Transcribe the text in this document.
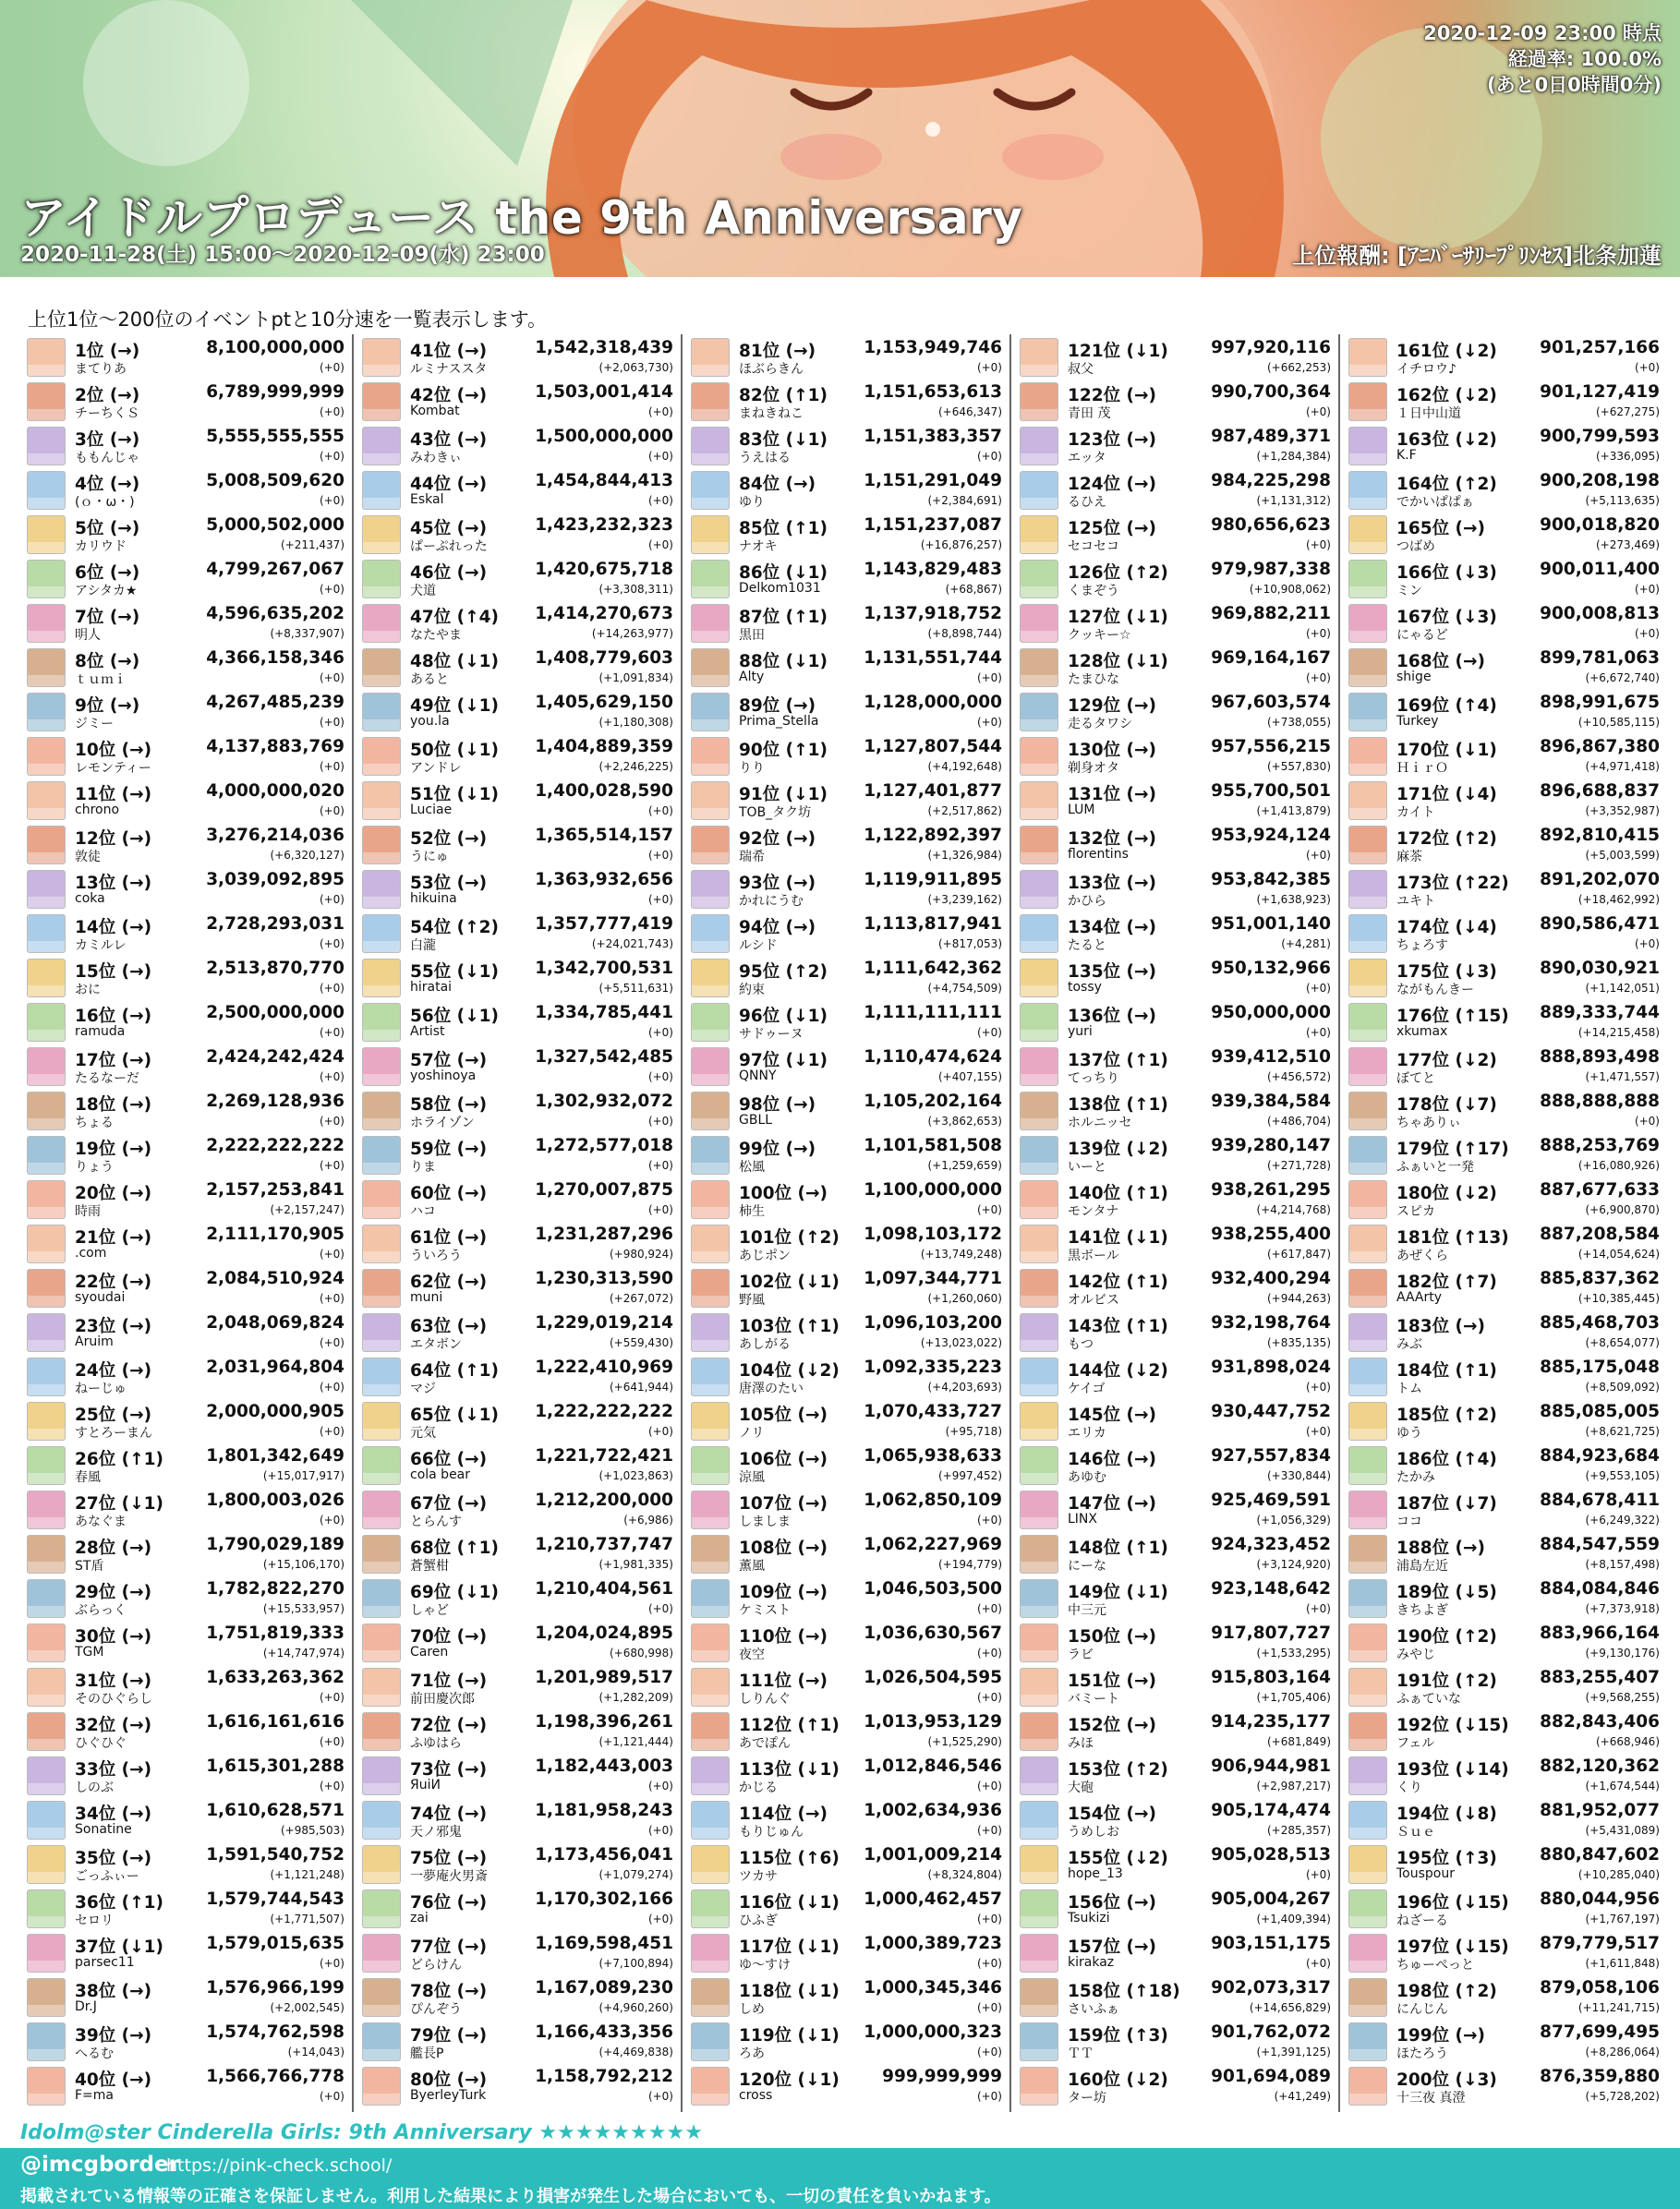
2020-12-09 23:00 時点
経過率: 100.0%
(あと0日0時間0分)
アイドルプロデュース the 9th Anniversary
2020-11-28(土) 15:00～2020-12-09(水) 23:00	上位報酬: [ｱﾆﾊﾞｰｻﾘｰﾌﾟﾘﾝｾｽ]北条加蓮
上位1位～200位のイベントptと10分速を一覧表示します。
1位 (→)	8,100,000,000
まてりあ	(+0)
2位 (→)	6,789,999,999
チーちくＳ	(+0)
3位 (→)	5,555,555,555
ももんじゃ	(+0)
4位 (→)	5,008,509,620
(ｏ・ω・)	(+0)
5位 (→)	5,000,502,000
カリウド	(+211,437)
6位 (→)	4,799,267,067
アシタカ★	(+0)
7位 (→)	4,596,635,202
明人	(+8,337,907)
8位 (→)	4,366,158,346
ｔｕｍｉ	(+0)
9位 (→)	4,267,485,239
ジミー	(+0)
10位 (→)	4,137,883,769
レモンティー	(+0)
11位 (→)	4,000,000,020
chrono	(+0)
12位 (→)	3,276,214,036
敦徒	(+6,320,127)
13位 (→)	3,039,092,895
coka	(+0)
14位 (→)	2,728,293,031
カミルレ	(+0)
15位 (→)	2,513,870,770
おに	(+0)
16位 (→)	2,500,000,000
ramuda	(+0)
17位 (→)	2,424,242,424
たるなーだ	(+0)
18位 (→)	2,269,128,936
ちょる	(+0)
19位 (→)	2,222,222,222
りょう	(+0)
20位 (→)	2,157,253,841
時雨	(+2,157,247)
21位 (→)	2,111,170,905
.com	(+0)
22位 (→)	2,084,510,924
syoudai	(+0)
23位 (→)	2,048,069,824
Aruim	(+0)
24位 (→)	2,031,964,804
ねーじゅ	(+0)
25位 (→)	2,000,000,905
すとろーまん	(+0)
26位 (↑1) 1,801,342,649
春風	(+15,017,917)
27位 (↓1) 1,800,003,026
あなぐま	(+0)
28位 (→)	1,790,029,189
ST盾	(+15,106,170)
29位 (→)	1,782,822,270
ぶらっく	(+15,533,957)
30位 (→)	1,751,819,333
TGM	(+14,747,974)
31位 (→)	1,633,263,362
そのひぐらし	(+0)
32位 (→)	1,616,161,616
ひぐひぐ	(+0)
33位 (→)	1,615,301,288
しのぶ	(+0)
34位 (→)	1,610,628,571
Sonatine	(+985,503)
35位 (→)	1,591,540,752
ごっふぃー	(+1,121,248)
36位 (↑1) 1,579,744,543
セロリ	(+1,771,507)
37位 (↓1) 1,579,015,635
parsec11	(+0)
38位 (→)	1,576,966,199
Dr.J	(+2,002,545)
39位 (→)	1,574,762,598
へるむ	(+14,043)
40位 (→)	1,566,766,778
F=ma	(+0)
41位 (→)	1,542,318,439
ルミナススタ	(+2,063,730)
42位 (→)	1,503,001,414
Kombat	(+0)
43位 (→)	1,500,000,000
みわきぃ	(+0)
44位 (→)	1,454,844,413
Eskal	(+0)
45位 (→)	1,423,232,323
ぱーぷれった	(+0)
46位 (→)	1,420,675,718
犬道	(+3,308,311)
47位 (↑4) 1,414,270,673
なたやま	(+14,263,977)
48位 (↓1) 1,408,779,603
あると	(+1,091,834)
49位 (↓1) 1,405,629,150
you.la	(+1,180,308)
50位 (↓1) 1,404,889,359
アンドレ	(+2,246,225)
51位 (↓1) 1,400,028,590
Luciae	(+0)
52位 (→)	1,365,514,157
うにゅ	(+0)
53位 (→)	1,363,932,656
hikuina	(+0)
54位 (↑2) 1,357,777,419
白瀧	(+24,021,743)
55位 (↓1) 1,342,700,531
hiratai	(+5,511,631)
56位 (↓1) 1,334,785,441
Artist	(+0)
57位 (→)	1,327,542,485
yoshinoya	(+0)
58位 (→)	1,302,932,072
ホライゾン	(+0)
59位 (→)	1,272,577,018
りま	(+0)
60位 (→)	1,270,007,875
ハコ	(+0)
61位 (→)	1,231,287,296
ういろう	(+980,924)
62位 (→)	1,230,313,590
muni	(+267,072)
63位 (→)	1,229,019,214
エタボン	(+559,430)
64位 (↑1) 1,222,410,969
マジ	(+641,944)
65位 (↓1) 1,222,222,222
元気	(+0)
66位 (→)	1,221,722,421
cola bear	(+1,023,863)
67位 (→)	1,212,200,000
とらんす	(+6,986)
68位 (↑1) 1,210,737,747
蒼蟹柑	(+1,981,335)
69位 (↓1) 1,210,404,561
しゃど	(+0)
70位 (→)	1,204,024,895
Caren	(+680,998)
71位 (→)	1,201,989,517
前田慶次郎	(+1,282,209)
72位 (→)	1,198,396,261
ふゆはら	(+1,121,444)
73位 (→)	1,182,443,003
ЯuiИ	(+0)
74位 (→)	1,181,958,243
天ノ邪鬼	(+0)
75位 (→)	1,173,456,041
一夢庵火男斎	(+1,079,274)
76位 (→)	1,170,302,166
zai	(+0)
77位 (→)	1,169,598,451
どらけん	(+7,100,894)
78位 (→)	1,167,089,230
ぴんぞう	(+4,960,260)
79位 (→)	1,166,433,356
艦長P	(+4,469,838)
80位 (→)	1,158,792,212
ByerleyTurk	(+0)
81位 (→)	1,153,949,746
ほぶらきん	(+0)
82位 (↑1) 1,151,653,613
まねきねこ	(+646,347)
83位 (↓1) 1,151,383,357
うえはる	(+0)
84位 (→)	1,151,291,049
ゆり	(+2,384,691)
85位 (↑1) 1,151,237,087
ナオキ	(+16,876,257)
86位 (↓1) 1,143,829,483
Delkom1031	(+68,867)
87位 (↑1) 1,137,918,752
黒田	(+8,898,744)
88位 (↓1) 1,131,551,744
Alty	(+0)
89位 (→)	1,128,000,000
Prima_Stella	(+0)
90位 (↑1) 1,127,807,544
りり	(+4,192,648)
91位 (↓1) 1,127,401,877
TOB_タク坊	(+2,517,862)
92位 (→)	1,122,892,397
瑞希	(+1,326,984)
93位 (→)	1,119,911,895
かれにうむ	(+3,239,162)
94位 (→)	1,113,817,941
ルシド	(+817,053)
95位 (↑2) 1,111,642,362
約束	(+4,754,509)
96位 (↓1) 1,111,111,111
サドゥーヌ	(+0)
97位 (↓1) 1,110,474,624
QNNY	(+407,155)
98位 (→)	1,105,202,164
GBLL	(+3,862,653)
99位 (→)	1,101,581,508
松風	(+1,259,659)
100位 (→) 1,100,000,000
柿生	(+0)
101位 (↑2) 1,098,103,172
あじポン	(+13,749,248)
102位 (↓1) 1,097,344,771
野風	(+1,260,060)
103位 (↑1) 1,096,103,200
あしがる	(+13,023,022)
104位 (↓2) 1,092,335,223
唐澤のたい	(+4,203,693)
105位 (→) 1,070,433,727
ノリ	(+95,718)
106位 (→) 1,065,938,633
涼風	(+997,452)
107位 (→) 1,062,850,109
しましま	(+0)
108位 (→) 1,062,227,969
薫風	(+194,779)
109位 (→) 1,046,503,500
ケミスト	(+0)
110位 (→) 1,036,630,567
夜空	(+0)
111位 (→) 1,026,504,595
しりんぐ	(+0)
112位 (↑1) 1,013,953,129
あでぽん	(+1,525,290)
113位 (↓1) 1,012,846,546
かじる	(+0)
114位 (→) 1,002,634,936
もりじゅん	(+0)
115位 (↑6) 1,001,009,214
ツカサ	(+8,324,804)
116位 (↓1) 1,000,462,457
ひふぎ	(+0)
117位 (↓1) 1,000,389,723
ゆ～すけ	(+0)
118位 (↓1) 1,000,345,346
しめ	(+0)
119位 (↓1) 1,000,000,323
ろあ	(+0)
120位 (↓1) 999,999,999
cross	(+0)
121位 (↓1) 997,920,116
叔父	(+662,253)
122位 (→)	990,700,364
青田 茂	(+0)
123位 (→)	987,489,371
エッタ	(+1,284,384)
124位 (→)	984,225,298
るひえ	(+1,131,312)
125位 (→)	980,656,623
セコセコ	(+0)
126位 (↑2) 979,987,338
くまぞう	(+10,908,062)
127位 (↓1) 969,882,211
クッキー☆	(+0)
128位 (↓1) 969,164,167
たまひな	(+0)
129位 (→)	967,603,574
走るタワシ	(+738,055)
130位 (→)	957,556,215
剃身オタ	(+557,830)
131位 (→)	955,700,501
LUM	(+1,413,879)
132位 (→)	953,924,124
florentins	(+0)
133位 (→)	953,842,385
かひら	(+1,638,923)
134位 (→)	951,001,140
たると	(+4,281)
135位 (→)	950,132,966
tossy	(+0)
136位 (→)	950,000,000
yuri	(+0)
137位 (↑1) 939,412,510
てっちり	(+456,572)
138位 (↑1) 939,384,584
ホルニッセ	(+486,704)
139位 (↓2) 939,280,147
いーと	(+271,728)
140位 (↑1) 938,261,295
モンタナ	(+4,214,768)
141位 (↓1) 938,255,400
黒ボール	(+617,847)
142位 (↑1) 932,400,294
オルビス	(+944,263)
143位 (↑1) 932,198,764
もつ	(+835,135)
144位 (↓2) 931,898,024
ケイゴ	(+0)
145位 (→)	930,447,752
エリカ	(+0)
146位 (→)	927,557,834
あゆむ	(+330,844)
147位 (→)	925,469,591
LINX	(+1,056,329)
148位 (↑1) 924,323,452
にーな	(+3,124,920)
149位 (↓1) 923,148,642
中三元	(+0)
150位 (→)	917,807,727
ラビ	(+1,533,295)
151位 (→)	915,803,164
バミート	(+1,705,406)
152位 (→)	914,235,177
みほ	(+681,849)
153位 (↑2) 906,944,981
大砲	(+2,987,217)
154位 (→)	905,174,474
うめしお	(+285,357)
155位 (↓2) 905,028,513
hope_13	(+0)
156位 (→)	905,004,267
Tsukizi	(+1,409,394)
157位 (→)	903,151,175
kirakaz	(+0)
158位 (↑18) 902,073,317
さいふぁ	(+14,656,829)
159位 (↑3) 901,762,072
ＴＴ	(+1,391,125)
160位 (↓2) 901,694,089
ター坊	(+41,249)
161位 (↓2) 901,257,166
イチロウ♪	(+0)
162位 (↓2) 901,127,419
１日中山道	(+627,275)
163位 (↓2) 900,799,593
K.F	(+336,095)
164位 (↑2) 900,208,198
でかいぱぱぁ	(+5,113,635)
165位 (→)	900,018,820
つばめ	(+273,469)
166位 (↓3) 900,011,400
ミン	(+0)
167位 (↓3) 900,008,813
にゃるど	(+0)
168位 (→)	899,781,063
shige	(+6,672,740)
169位 (↑4) 898,991,675
Turkey	(+10,585,115)
170位 (↓1) 896,867,380
ＨｉｒＯ	(+4,971,418)
171位 (↓4) 896,688,837
カイト	(+3,352,987)
172位 (↑2) 892,810,415
麻茶	(+5,003,599)
173位 (↑22) 891,202,070
ユキト	(+18,462,992)
174位 (↓4) 890,586,471
ちょろす	(+0)
175位 (↓3) 890,030,921
ながもんきー	(+1,142,051)
176位 (↑15) 889,333,744
xkumax	(+14,215,458)
177位 (↓2) 888,893,498
ぼてと	(+1,471,557)
178位 (↓7) 888,888,888
ちゃありぃ	(+0)
179位 (↑17) 888,253,769
ふぁいと一発	(+16,080,926)
180位 (↓2) 887,677,633
スピカ	(+6,900,870)
181位 (↑13) 887,208,584
あぜくら	(+14,054,624)
182位 (↑7) 885,837,362
AAArty	(+10,385,445)
183位 (→)	885,468,703
みぶ	(+8,654,077)
184位 (↑1) 885,175,048
トム	(+8,509,092)
185位 (↑2) 885,085,005
ゆう	(+8,621,725)
186位 (↑4) 884,923,684
たかみ	(+9,553,105)
187位 (↓7) 884,678,411
ココ	(+6,249,322)
188位 (→)	884,547,559
浦島左近	(+8,157,498)
189位 (↓5) 884,084,846
きちよぎ	(+7,373,918)
190位 (↑2) 883,966,164
みやじ	(+9,130,176)
191位 (↑2) 883,255,407
ふぁていな	(+9,568,255)
192位 (↓15) 882,843,406
フェル	(+668,946)
193位 (↓14) 882,120,362
くり	(+1,674,544)
194位 (↓8) 881,952,077
Ｓｕｅ	(+5,431,089)
195位 (↑3) 880,847,602
Touspour	(+10,285,040)
196位 (↓15) 880,044,956
ねざーる	(+1,767,197)
197位 (↓15) 879,779,517
ちゅーぺっと	(+1,611,848)
198位 (↑2) 879,058,106
にんじん	(+11,241,715)
199位 (→)	877,699,495
ほたろう	(+8,286,064)
200位 (↓3) 876,359,880
十三夜 真澄	(+5,728,202)
Idolm@ster Cinderella Girls: 9th Anniversary ★★★★★★★★★
@imcgborder
https://pink-check.school/
掲載されている情報等の正確さを保証しません。利用した結果により損害が発生した場合においても、一切の責任を負いかねます。
